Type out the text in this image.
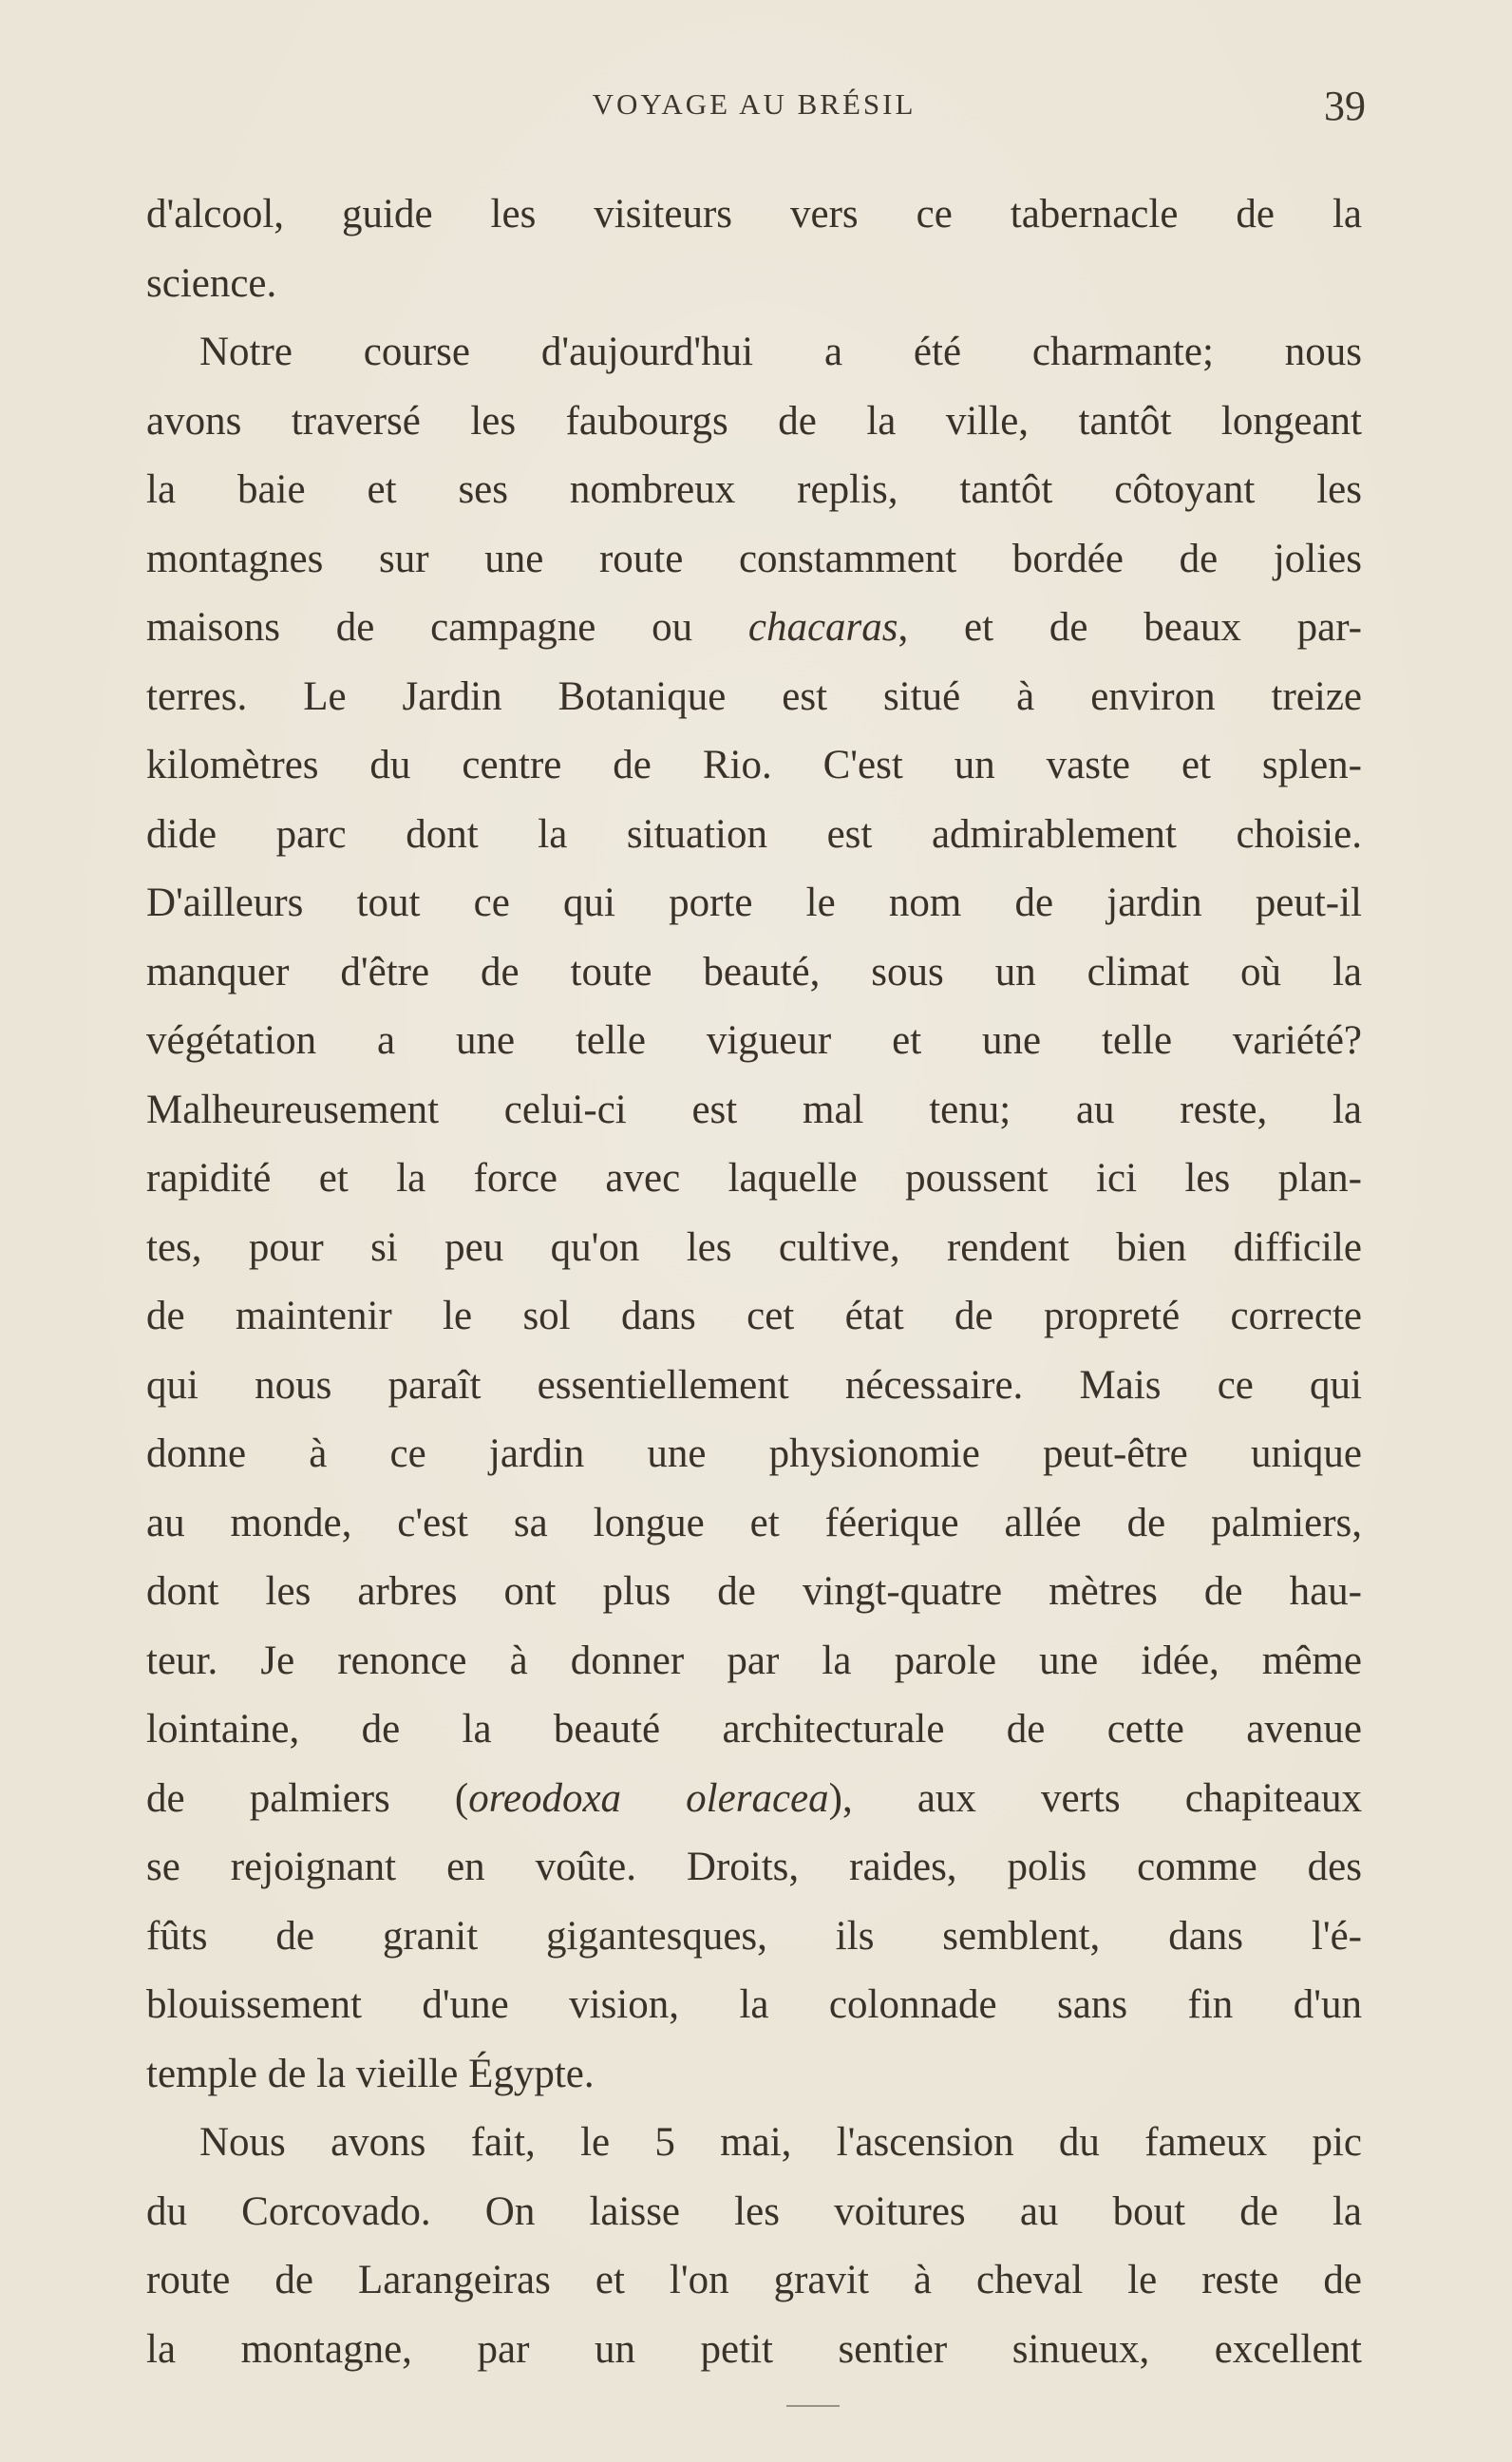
VOYAGE AU BRÉSIL	39
d'alcool, guide les visiteurs vers ce tabernacle de la
science.
Notre course d'aujourd'hui a été charmante; nous
avons traversé les faubourgs de la ville, tantôt longeant
la baie et ses nombreux replis, tantôt côtoyant les
montagnes sur une route constamment bordée de jolies
maisons de campagne ou chacaras, et de beaux par-
terres. Le Jardin Botanique est situé à environ treize
kilomètres du centre de Rio. C'est un vaste et splen-
dide parc dont la situation est admirablement choisie.
D'ailleurs tout ce qui porte le nom de jardin peut-il
manquer d'être de toute beauté, sous un climat où la
végétation a une telle vigueur et une telle variété?
Malheureusement celui-ci est mal tenu; au reste, la
rapidité et la force avec laquelle poussent ici les plan-
tes, pour si peu qu'on les cultive, rendent bien difficile
de maintenir le sol dans cet état de propreté correcte
qui nous paraît essentiellement nécessaire. Mais ce qui
donne à ce jardin une physionomie peut-être unique
au monde, c'est sa longue et féerique allée de palmiers,
dont les arbres ont plus de vingt-quatre mètres de hau-
teur. Je renonce à donner par la parole une idée, même
lointaine, de la beauté architecturale de cette avenue
de palmiers (oreodoxa oleracea), aux verts chapiteaux
se rejoignant en voûte. Droits, raides, polis comme des
fûts de granit gigantesques, ils semblent, dans l'é-
blouissement d'une vision, la colonnade sans fin d'un
temple de la vieille Égypte.
Nous avons fait, le 5 mai, l'ascension du fameux pic
du Corcovado. On laisse les voitures au bout de la
route de Larangeiras et l'on gravit à cheval le reste de
la montagne, par un petit sentier sinueux, excellent
